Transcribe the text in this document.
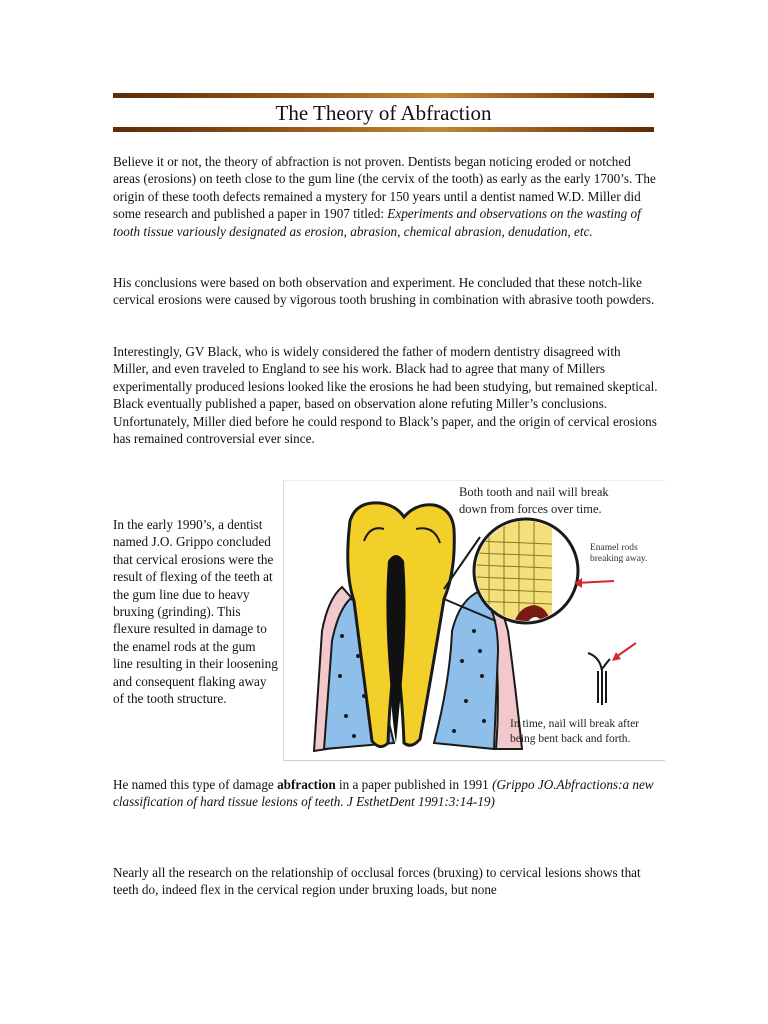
The Theory of Abfraction

Believe it or not, the theory of abfraction is not proven. Dentists began noticing eroded or notched areas (erosions) on teeth close to the gum line (the cervix of the tooth) as early as the early 1700’s. The origin of these tooth defects remained a mystery for 150 years until a dentist named W.D. Miller did some research and published a paper in 1907 titled: Experiments and observations on the wasting of tooth tissue variously designated as erosion, abrasion, chemical abrasion, denudation, etc.

His conclusions were based on both observation and experiment. He concluded that these notch-like cervical erosions were caused by vigorous tooth brushing in combination with abrasive tooth powders.

Interestingly, GV Black, who is widely considered the father of modern dentistry disagreed with Miller, and even traveled to England to see his work. Black had to agree that many of Millers experimentally produced lesions looked like the erosions he had been studying, but remained skeptical. Black eventually published a paper, based on observation alone refuting Miller’s conclusions. Unfortunately, Miller died before he could respond to Black’s paper, and the origin of cervical erosions has remained controversial ever since.

In the early 1990’s, a dentist named J.O. Grippo concluded that cervical erosions were the result of flexing of the teeth at the gum line due to heavy bruxing (grinding). This flexure resulted in damage to the enamel rods at the gum line resulting in their loosening and consequent flaking away of the tooth structure.

Both tooth and nail will break
down from forces over time.
Enamel rods
breaking away.
In time, nail will break after
being bent back and forth.

He named this type of damage abfraction in a paper published in 1991 (Grippo JO.Abfractions:a new classification of hard tissue lesions of teeth. J EsthetDent 1991:3:14-19)

Nearly all the research on the relationship of occlusal forces (bruxing) to cervical lesions shows that teeth do, indeed flex in the cervical region under bruxing loads, but none
